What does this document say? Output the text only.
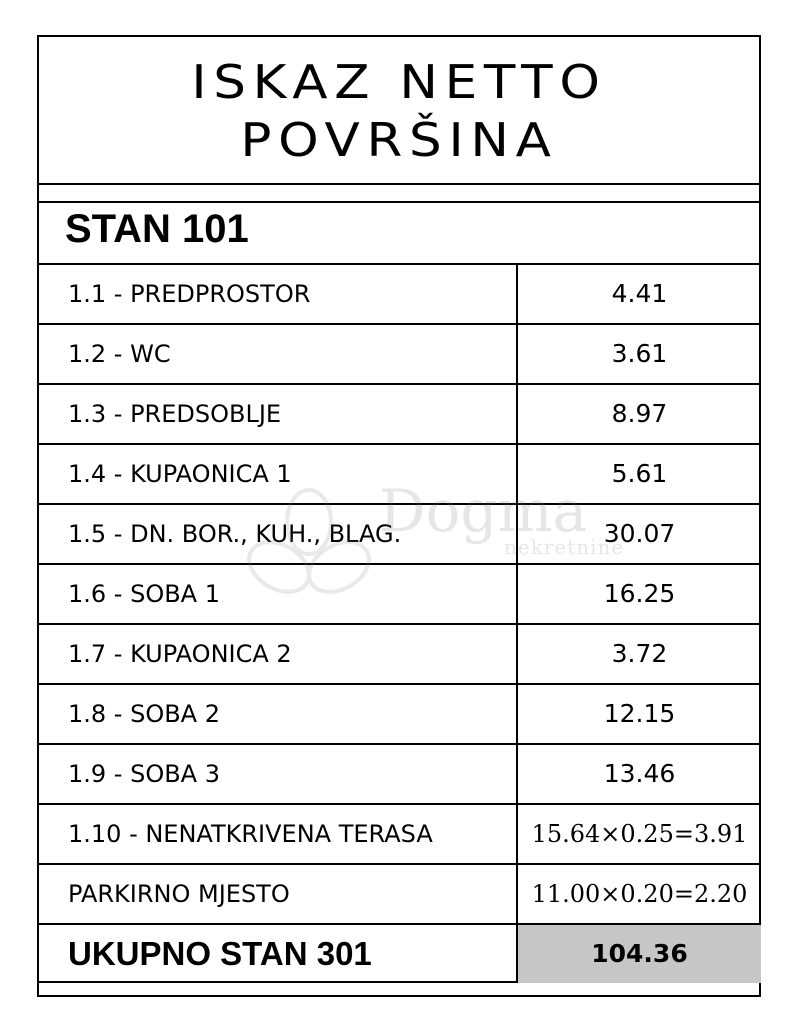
ISKAZ NETTO
POVRŠINA
STAN 101
1.1 - PREDPROSTOR	4.41
1.2 - WC	3.61
1.3 - PREDSOBLJE	8.97
1.4 - KUPAONICA 1	5.61
1.5 - DN. BOR., KUH., BLAG.	30.07
1.6 - SOBA 1	16.25
1.7 - KUPAONICA 2	3.72
1.8 - SOBA 2	12.15
1.9 - SOBA 3	13.46
1.10 - NENATKRIVENA TERASA	15.64×0.25=3.91
PARKIRNO MJESTO	11.00×0.20=2.20
UKUPNO STAN 301	104.36
Dogma
nekretnine
